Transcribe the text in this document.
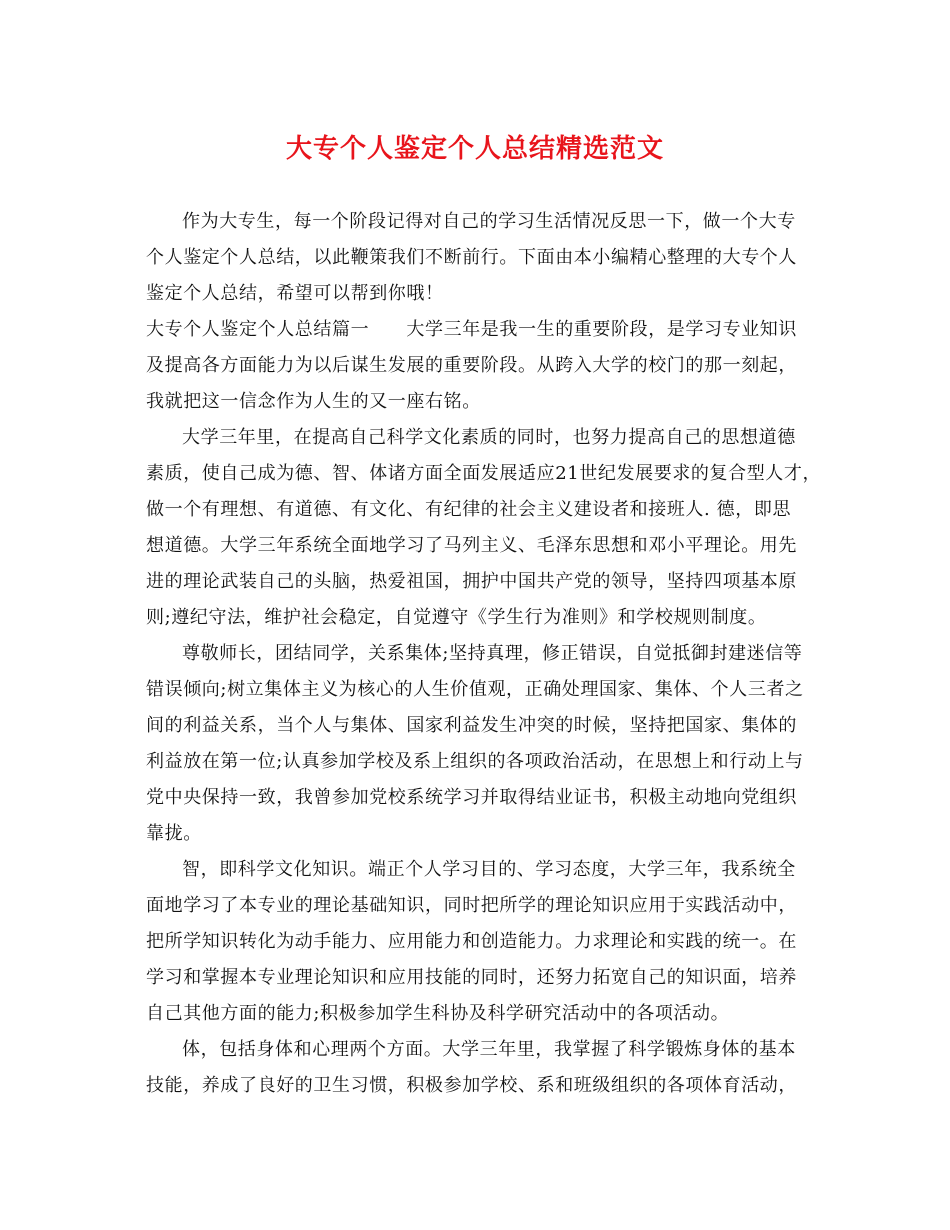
大专个人鉴定个人总结精选范文
作为大专生，每一个阶段记得对自己的学习生活情况反思一下，做一个大专
个人鉴定个人总结，以此鞭策我们不断前行。下面由本小编精心整理的大专个人
鉴定个人总结，希望可以帮到你哦！
大专个人鉴定个人总结篇一　　大学三年是我一生的重要阶段，是学习专业知识
及提高各方面能力为以后谋生发展的重要阶段。从跨入大学的校门的那一刻起，
我就把这一信念作为人生的又一座右铭。
大学三年里，在提高自己科学文化素质的同时，也努力提高自己的思想道德
素质，使自己成为德、智、体诸方面全面发展适应21世纪发展要求的复合型人才，
做一个有理想、有道德、有文化、有纪律的社会主义建设者和接班人. 德，即思
想道德。大学三年系统全面地学习了马列主义、毛泽东思想和邓小平理论。用先
进的理论武装自己的头脑，热爱祖国，拥护中国共产党的领导，坚持四项基本原
则;遵纪守法，维护社会稳定，自觉遵守《学生行为准则》和学校规则制度。
尊敬师长，团结同学，关系集体;坚持真理，修正错误，自觉抵御封建迷信等
错误倾向;树立集体主义为核心的人生价值观，正确处理国家、集体、个人三者之
间的利益关系，当个人与集体、国家利益发生冲突的时候，坚持把国家、集体的
利益放在第一位;认真参加学校及系上组织的各项政治活动，在思想上和行动上与
党中央保持一致，我曾参加党校系统学习并取得结业证书，积极主动地向党组织
靠拢。
智，即科学文化知识。端正个人学习目的、学习态度，大学三年，我系统全
面地学习了本专业的理论基础知识，同时把所学的理论知识应用于实践活动中，
把所学知识转化为动手能力、应用能力和创造能力。力求理论和实践的统一。在
学习和掌握本专业理论知识和应用技能的同时，还努力拓宽自己的知识面，培养
自己其他方面的能力;积极参加学生科协及科学研究活动中的各项活动。
体，包括身体和心理两个方面。大学三年里，我掌握了科学锻炼身体的基本
技能，养成了良好的卫生习惯，积极参加学校、系和班级组织的各项体育活动，
